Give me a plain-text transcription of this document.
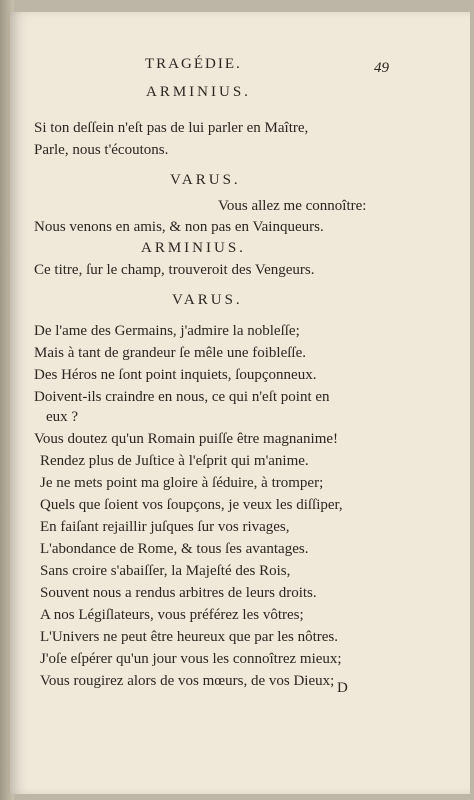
TRAGÉDIE.	49
ARMINIUS.
Si ton deſſein n'eſt pas de lui parler en Maître,
Parle, nous t'écoutons.
VARUS.
Vous allez me connoître:
Nous venons en amis, & non pas en Vainqueurs.
ARMINIUS.
Ce titre, ſur le champ, trouveroit des Vengeurs.
VARUS.
De l'ame des Germains, j'admire la nobleſſe;
Mais à tant de grandeur ſe mêle une foibleſſe.
Des Héros ne ſont point inquiets, ſoupçonneux.
Doivent-ils craindre en nous, ce qui n'eſt point en
eux ?
Vous doutez qu'un Romain puiſſe être magnanime!
Rendez plus de Juſtice à l'eſprit qui m'anime.
Je ne mets point ma gloire à ſéduire, à tromper;
Quels que ſoient vos ſoupçons, je veux les diſſiper,
En faiſant rejaillir juſques ſur vos rivages,
L'abondance de Rome, & tous ſes avantages.
Sans croire s'abaiſſer, la Majeſté des Rois,
Souvent nous a rendus arbitres de leurs droits.
A nos Légiſlateurs, vous préférez les vôtres;
L'Univers ne peut être heureux que par les nôtres.
J'oſe eſpérer qu'un jour vous les connoîtrez mieux;
Vous rougirez alors de vos mœurs, de vos Dieux; D
